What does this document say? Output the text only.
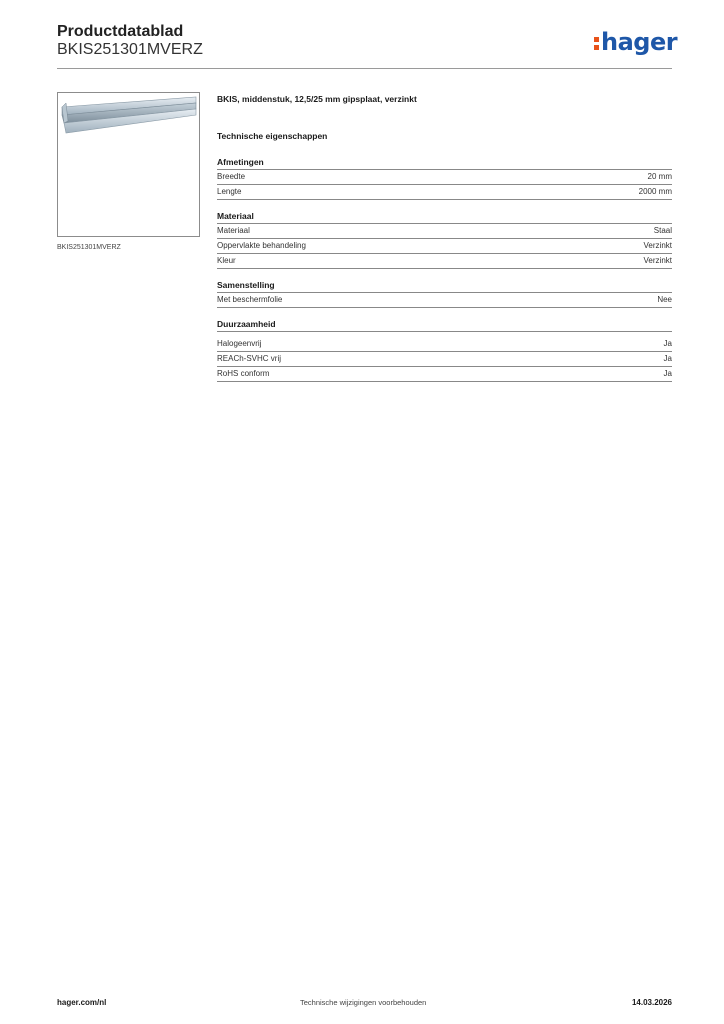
Productdatablad
BKIS251301MVERZ	hager
BKIS251301MVERZ
BKIS, middenstuk, 12,5/25 mm gipsplaat, verzinkt
Technische eigenschappen
Afmetingen
Breedte	20 mm
Lengte	2000 mm
Materiaal
Materiaal	Staal
Oppervlakte behandeling	Verzinkt
Kleur	Verzinkt
Samenstelling
Met beschermfolie	Nee
Duurzaamheid
Halogeenvrij	Ja
REACh-SVHC vrij	Ja
RoHS conform	Ja
hager.com/nl	Technische wijzigingen voorbehouden	14.03.2026
